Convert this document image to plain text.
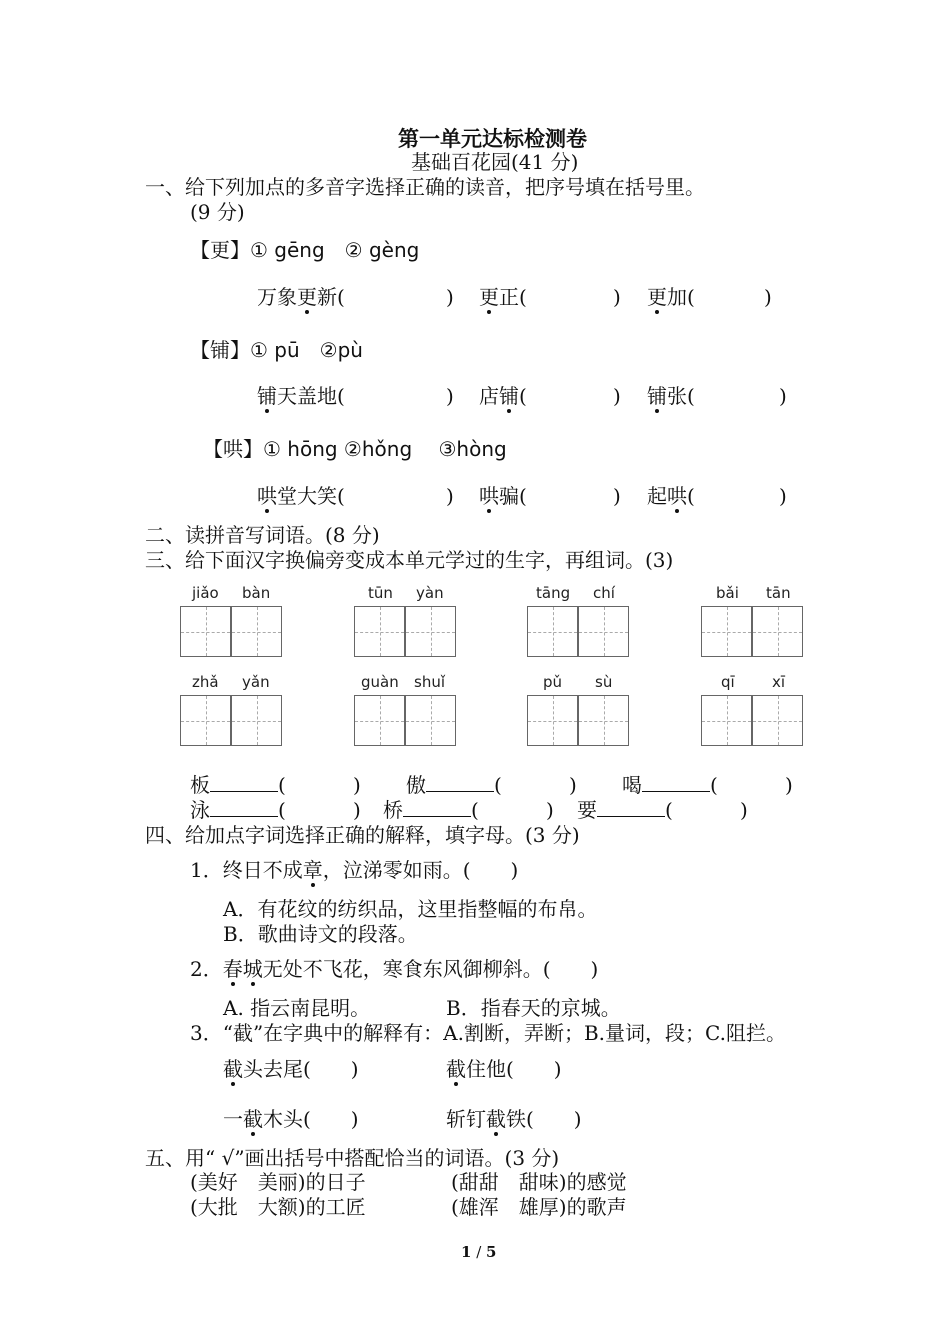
第一单元达标检测卷
基础百花园(41 分)
一、给下列加点的多音字选择正确的读音，把序号填在括号里。
(9 分)
【更】① gēng　② gèng
万象更新(	) 更正(	) 更加(	)
【铺】① pū　②pù
铺天盖地(	) 店铺(	) 铺张(	)
【哄】① hōng ②hǒng　 ③hòng
哄堂大笑(	) 哄骗(	) 起哄(	)
二、读拼音写词语。(8 分)
三、给下面汉字换偏旁变成本单元学过的生字，再组词。(3)
jiǎo bàn	tūn yàn	tāng chí	bǎi tān
zhǎ yǎn	guàn shuǐ	pǔ sù	qī xī
板	(	) 傲	(	) 喝	(	)
泳	(	) 桥	(	) 要	(	)
四、给加点字词选择正确的解释，填字母。(3 分)
1．终日不成章，泣涕零如雨。(　　)
A．有花纹的纺织品，这里指整幅的布帛。
B．歌曲诗文的段落。
2．春城无处不飞花，寒食东风御柳斜。(　　)
A. 指云南昆明。	B．指春天的京城。
3．“截”在字典中的解释有：A.割断，弄断；B.量词，段；C.阻拦。
截头去尾(　　)	截住他(　　)
一截木头(　　)	斩钉截铁(　　)
五、用“ √”画出括号中搭配恰当的词语。(3 分)
(美好　美丽)的日子	(甜甜　甜味)的感觉
(大批　大额)的工匠	(雄浑　雄厚)的歌声
1 / 5
